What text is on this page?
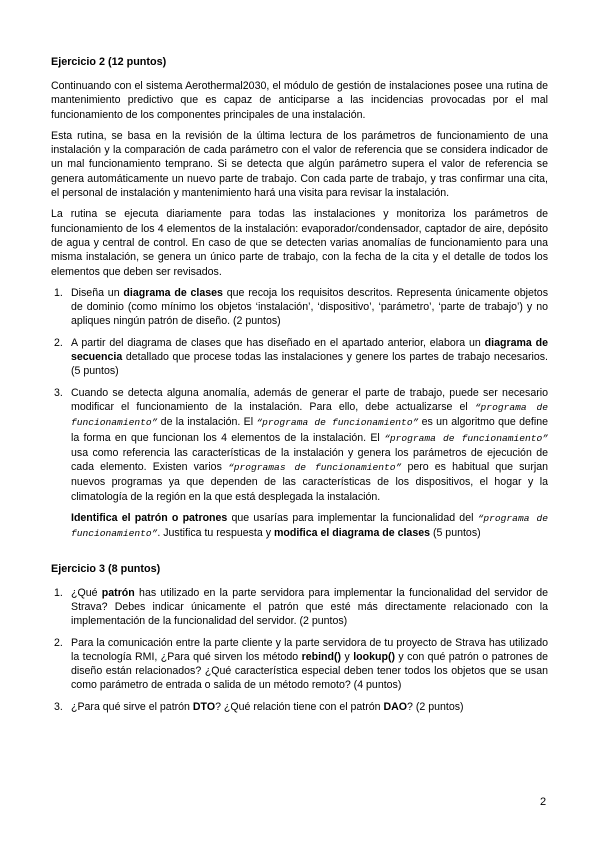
Ejercicio 2 (12 puntos)

Continuando con el sistema Aerothermal2030, el módulo de gestión de instalaciones posee una rutina de mantenimiento predictivo que es capaz de anticiparse a las incidencias provocadas por el mal funcionamiento de los componentes principales de una instalación.

Esta rutina, se basa en la revisión de la última lectura de los parámetros de funcionamiento de una instalación y la comparación de cada parámetro con el valor de referencia que se considera indicador de un mal funcionamiento temprano. Si se detecta que algún parámetro supera el valor de referencia se genera automáticamente un nuevo parte de trabajo. Con cada parte de trabajo, y tras confirmar una cita, el personal de instalación y mantenimiento hará una visita para revisar la instalación.

La rutina se ejecuta diariamente para todas las instalaciones y monitoriza los parámetros de funcionamiento de los 4 elementos de la instalación: evaporador/condensador, captador de aire, depósito de agua y central de control. En caso de que se detecten varias anomalías de funcionamiento para una misma instalación, se genera un único parte de trabajo, con la fecha de la cita y el detalle de todos los elementos que deben ser revisados.

1. Diseña un diagrama de clases que recoja los requisitos descritos. Representa únicamente objetos de dominio (como mínimo los objetos ‘instalación’, ‘dispositivo’, ‘parámetro’, ‘parte de trabajo’) y no apliques ningún patrón de diseño. (2 puntos)
2. A partir del diagrama de clases que has diseñado en el apartado anterior, elabora un diagrama de secuencia detallado que procese todas las instalaciones y genere los partes de trabajo necesarios. (5 puntos)
3. Cuando se detecta alguna anomalía, además de generar el parte de trabajo, puede ser necesario modificar el funcionamiento de la instalación. Para ello, debe actualizarse el “programa de funcionamiento” de la instalación. El “programa de funcionamiento” es un algoritmo que define la forma en que funcionan los 4 elementos de la instalación. El “programa de funcionamiento” usa como referencia las características de la instalación y genera los parámetros de ejecución de cada elemento. Existen varios “programas de funcionamiento” pero es habitual que surjan nuevos programas ya que dependen de las características de los dispositivos, el hogar y la climatología de la región en la que está desplegada la instalación.
Identifica el patrón o patrones que usarías para implementar la funcionalidad del “programa de funcionamiento”. Justifica tu respuesta y modifica el diagrama de clases (5 puntos)
Ejercicio 3 (8 puntos)
1. ¿Qué patrón has utilizado en la parte servidora para implementar la funcionalidad del servidor de Strava? Debes indicar únicamente el patrón que esté más directamente relacionado con la implementación de la funcionalidad del servidor. (2 puntos)
2. Para la comunicación entre la parte cliente y la parte servidora de tu proyecto de Strava has utilizado la tecnología RMI, ¿Para qué sirven los método rebind() y lookup() y con qué patrón o patrones de diseño están relacionados? ¿Qué característica especial deben tener todos los objetos que se usan como parámetro de entrada o salida de un método remoto? (4 puntos)
3. ¿Para qué sirve el patrón DTO? ¿Qué relación tiene con el patrón DAO? (2 puntos)
2
